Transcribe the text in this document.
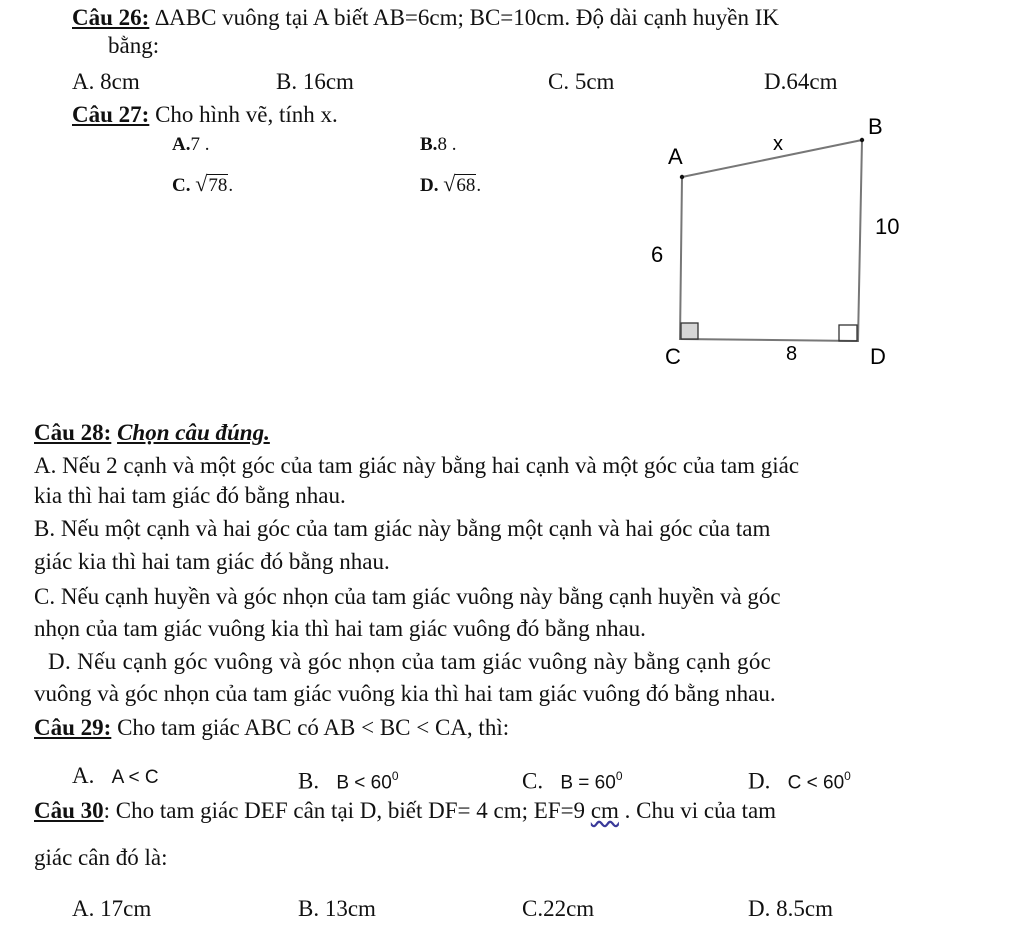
Câu 26: ∆ABC vuông tại A biết AB=6cm; BC=10cm. Độ dài cạnh huyền IK
bằng:
A. 8cm	B. 16cm	C. 5cm	D.64cm
Câu 27: Cho hình vẽ, tính x.
A.7 .	B.8 .
C. √78.	D. √68.
A
B
C	D
x
10
6
8
Câu 28: Chọn câu đúng.
A. Nếu 2 cạnh và một góc của tam giác này bằng hai cạnh và một góc của tam giác
kia thì hai tam giác đó bằng nhau.
B. Nếu một cạnh và hai góc của tam giác này bằng một cạnh và hai góc của tam
giác kia thì hai tam giác đó bằng nhau.
C. Nếu cạnh huyền và góc nhọn của tam giác vuông này bằng cạnh huyền và góc
nhọn của tam giác vuông kia thì hai tam giác vuông đó bằng nhau.
D. Nếu cạnh góc vuông và góc nhọn của tam giác vuông này bằng cạnh góc
vuông và góc nhọn của tam giác vuông kia thì hai tam giác vuông đó bằng nhau.
Câu 29: Cho tam giác ABC có AB < BC < CA, thì:
A. A < C	B. $B < 60^0$	C. $B = 60^0$	D. $C < 60^0$
Câu 30: Cho tam giác DEF cân tại D, biết DF= 4 cm; EF=9 cm . Chu vi của tam
giác cân đó là:
A. 17cm	B. 13cm	C.22cm	D. 8.5cm
